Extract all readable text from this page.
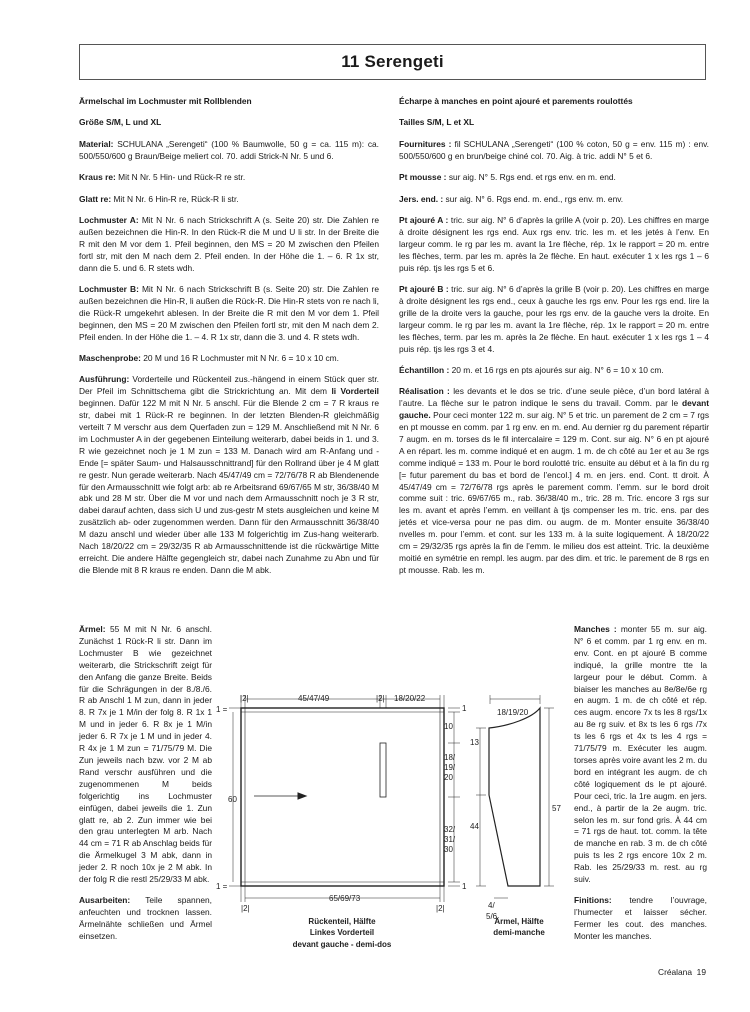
11 Serengeti

Ärmelschal im Lochmuster mit Rollblenden

Größe S/M, L und XL

Material: SCHULANA „Serengeti“ (100 % Baumwolle, 50 g = ca. 115 m): ca. 500/550/600 g Braun/Beige meliert col. 70. addi Strick-N Nr. 5 und 6.

Kraus re: Mit N Nr. 5 Hin- und Rück-R re str.

Glatt re: Mit N Nr. 6 Hin-R re, Rück-R li str.

Lochmuster A: Mit N Nr. 6 nach Strickschrift A (s. Seite 20) str. Die Zahlen re außen bezeichnen die Hin-R. In den Rück-R die M und U li str. In der Breite die R mit den M vor dem 1. Pfeil beginnen, den MS = 20 M zwischen den Pfeilen fortl str, mit den M nach dem 2. Pfeil enden. In der Höhe die 1. – 6. R 1x str, dann die 5. und 6. R stets wdh.

Lochmuster B: Mit N Nr. 6 nach Strickschrift B (s. Seite 20) str. Die Zahlen re außen bezeichnen die Hin-R, li außen die Rück-R. Die Hin-R stets von re nach li, die Rück-R umgekehrt ablesen. In der Breite die R mit den M vor dem 1. Pfeil beginnen, den MS = 20 M zwischen den Pfeilen fortl str, mit den M nach dem 2. Pfeil enden. In der Höhe die 1. – 4. R 1x str, dann die 3. und 4. R stets wdh.

Maschenprobe: 20 M und 16 R Lochmuster mit N Nr. 6 = 10 x 10 cm.

Ausführung: Vorderteile und Rückenteil zus.-hängend in einem Stück quer str. Der Pfeil im Schnittschema gibt die Strickrichtung an. Mit dem li Vorderteil beginnen. Dafür 122 M mit N Nr. 5 anschl. Für die Blende 2 cm = 7 R kraus re str, dabei mit 1 Rück-R re beginnen. In der letzten Blenden-R gleichmäßig verteilt 7 M verschr aus dem Querfaden zun = 129 M. Anschließend mit N Nr. 6 im Lochmuster A in der gegebenen Einteilung weiterarb, dabei beids in 1. und 3. R wie gezeichnet noch je 1 M zun = 133 M. Danach wird am R-Anfang und -Ende [= später Saum- und Halsausschnittrand] für den Rollrand über je 4 M glatt re gestr. Nun gerade weiterarb. Nach 45/47/49 cm = 72/76/78 R ab Blendenende für den Armausschnitt wie folgt arb: ab re Arbeitsrand 69/67/65 M str, 36/38/40 M abk und 28 M str. Über die M vor und nach dem Armausschnitt noch je 3 R str, dabei darauf achten, dass sich U und zus-gestr M stets ausgleichen und keine M zusätzlich ab- oder zugenommen werden. Dann für den Armausschnitt 36/38/40 M dazu anschl und wieder über alle 133 M folgerichtig im Zus-hang weiterarb. Nach 18/20/22 cm = 29/32/35 R ab Armausschnittende ist die rückwärtige Mitte erreicht. Die andere Hälfte gegengleich str, dabei nach Zunahme zu Abn und für die Blende mit 8 R kraus re enden. Dann die M abk.

Écharpe à manches en point ajouré et parements roulottés

Tailles S/M, L et XL

Fournitures : fil SCHULANA „Serengeti“ (100 % coton, 50 g = env. 115 m) : env. 500/550/600 g en brun/beige chiné col. 70. Aig. à tric. addi N° 5 et 6.

Pt mousse : sur aig. N° 5. Rgs end. et rgs env. en m. end.

Jers. end. : sur aig. N° 6. Rgs end. m. end., rgs env. m. env.

Pt ajouré A : tric. sur aig. N° 6 d’après la grille A (voir p. 20). Les chiffres en marge à droite désignent les rgs end. Aux rgs env. tric. les m. et les jetés à l’env. En largeur comm. le rg par les m. avant la 1re flèche, rép. 1x le rapport = 20 m. entre les flèches, term. par les m. après la 2e flèche. En haut. exécuter 1 x les rgs 1 – 6 puis rép. tjs les rgs 5 et 6.

Pt ajouré B : tric. sur aig. N° 6 d’après la grille B (voir p. 20). Les chiffres en marge à droite désignent les rgs end., ceux à gauche les rgs env. Pour les rgs end. lire la grille de la droite vers la gauche, pour les rgs env. de la gauche vers la droite. En largeur comm. le rg par les m. avant la 1re flèche, rép. 1x le rapport = 20 m. entre les flèches, term. par les m. après la 2e flèche. En haut. exécuter 1 x les rgs 1 – 4 puis rép. tjs les rgs 3 et 4.

Échantillon : 20 m. et 16 rgs en pts ajourés sur aig. N° 6 = 10 x 10 cm.

Réalisation : les devants et le dos se tric. d’une seule pièce, d’un bord latéral à l’autre. La flèche sur le patron indique le sens du travail. Comm. par le devant gauche. Pour ceci monter 122 m. sur aig. N° 5 et tric. un parement de 2 cm = 7 rgs en pt mousse en comm. par 1 rg env. en m. end. Au dernier rg du parement répartir 7 augm. en m. torses ds le fil intercalaire = 129 m. Cont. sur aig. N° 6 en pt ajouré A en répart. les m. comme indiqué et en augm. 1 m. de ch côté au 1er et au 3e rgs comme indiqué = 133 m. Pour le bord roulotté tric. ensuite au début et à la fin du rg [= futur parement du bas et bord de l’encol.] 4 m. en jers. end. Cont. tt droit. À 45/47/49 cm = 72/76/78 rgs après le parement comm. l’emm. sur le bord droit comme suit : tric. 69/67/65 m., rab. 36/38/40 m., tric. 28 m. Tric. encore 3 rgs sur les m. avant et après l’emm. en veillant à tjs compenser les m. tric. ens. par des jetés et vice-versa pour ne pas dim. ou augm. de m. Monter ensuite 36/38/40 nvelles m. pour l’emm. et cont. sur les 133 m. à la suite logiquement. À 18/20/22 cm = 29/32/35 rgs après la fin de l’emm. le milieu dos est atteint. Tric. la deuxième moitié en symétrie en rempl. les augm. par des dim. et tric. le parement de 8 rgs en pt mousse. Rab. les m.

Ärmel: 55 M mit N Nr. 6 anschl. Zunächst 1 Rück-R li str. Dann im Lochmuster B wie gezeichnet weiterarb, die Strickschrift zeigt für den Anfang die ganze Breite. Beids für die Schrägungen in der 8./8./6. R ab Anschl 1 M zun, dann in jeder 8. R 7x je 1 M/in der folg 8. R 1x 1 M und in jeder 6. R 8x je 1 M/in jeder 6. R 7x je 1 M und in jeder 4. R 4x je 1 M zun = 71/75/79 M. Die Zun jeweils nach bzw. vor 2 M ab Rand verschr ausführen und die zugenommenen M beids folgerichtig ins Lochmuster einfügen, dabei jeweils die 1. Zun glatt re, ab 2. Zun immer wie bei den grau unterlegten M arb. Nach 44 cm = 71 R ab Anschlag beids für die Ärmelkugel 3 M abk, dann in jeder 2. R noch 10x je 2 M abk. In der folg R die restl 25/29/33 M abk.

Ausarbeiten: Teile spannen, anfeuchten und trocknen lassen. Ärmelnähte schließen und Ärmel einsetzen.

Manches : monter 55 m. sur aig. N° 6 et comm. par 1 rg env. en m. env. Cont. en pt ajouré B comme indiqué, la grille montre tte la largeur pour le début. Comm. à biaiser les manches au 8e/8e/6e rg en augm. 1 m. de ch côté et rép. ces augm. encore 7x ts les 8 rgs/1x au 8e rg suiv. et 8x ts les 6 rgs /7x ts les 6 rgs et 4x ts les 4 rgs = 71/75/79 m. Exécuter les augm. torses après voire avant les 2 m. du bord en intégrant les augm. de ch côté logiquement ds le pt ajouré. Pour ceci, tric. la 1re augm. en jers. end., à partir de la 2e augm. tric. selon les m. sur fond gris. À 44 cm = 71 rgs de haut. tot. comm. la tête de manche en rab. 3 m. de ch côté puis ts les 2 rgs encore 10x 2 m. Rab. les 25/29/33 m. rest. au rg suiv.

Finitions: tendre l’ouvrage, l’humecter et laisser sécher. Fermer les cout. des manches. Monter les manches.

|2|	45/47/49	|2| 18/20/22
1 =
1 =
60
|2|
65/69/73
|2|
1
1
10
18/ 19/ 20
32/ 31/ 30
Rückenteil, Hälfte
Linkes Vorderteil
devant gauche - demi-dos
18/19/20
13
44
57
4/
5/6
Ärmel, Hälfte
demi-manche
Créalana 19
